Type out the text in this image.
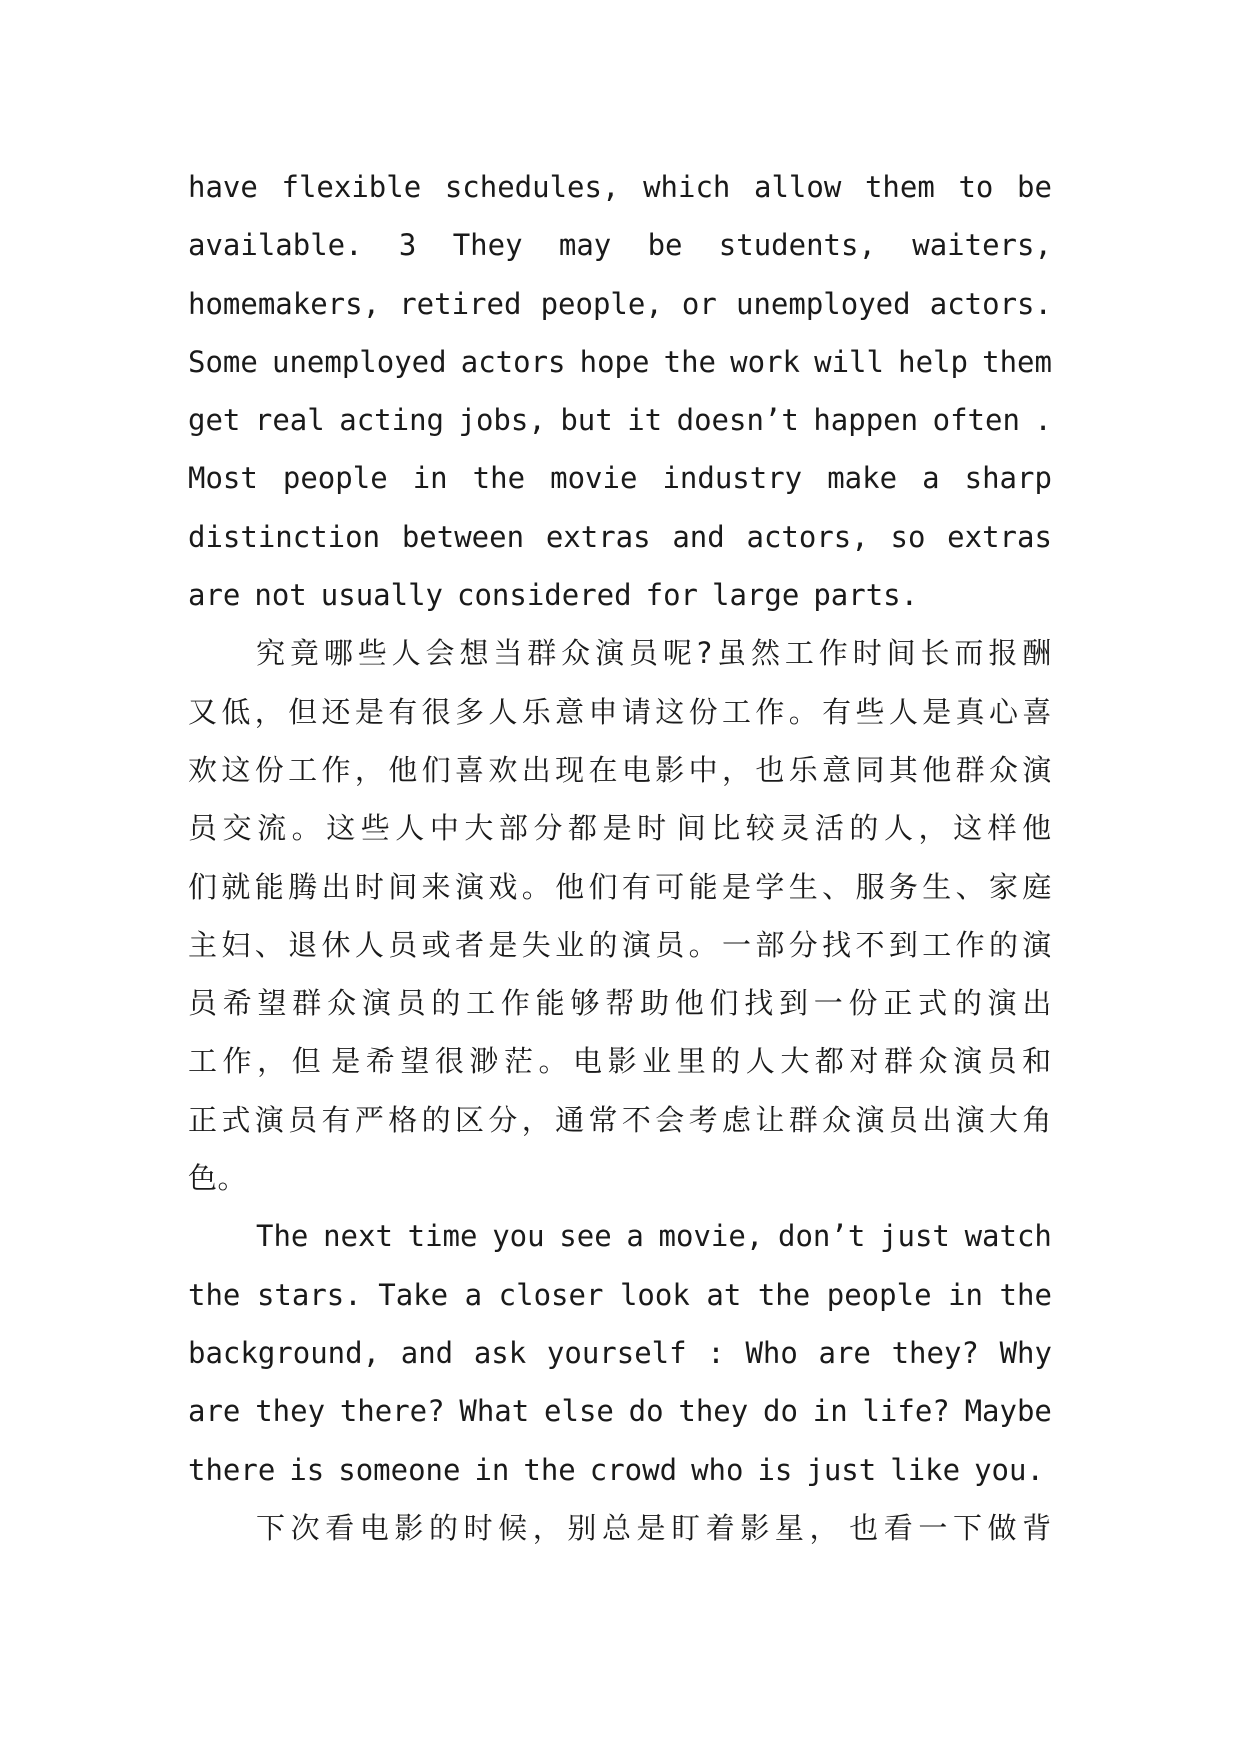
have flexible schedules, which allow them to be
available. 3 They may be students, waiters,
homemakers, retired people, or unemployed actors.
Some unemployed actors hope the work will help them
get real acting jobs, but it doesn’t happen often .
Most people in the movie industry make a sharp
distinction between extras and actors, so extras
are not usually considered for large parts.
究 竟 哪 些 人 会 想 当 群 众 演 员 呢 ? 虽 然 工 作 时 间 长 而 报 酬
又 低 ， 但 还 是 有 很 多 人 乐 意 申 请 这 份 工 作 。 有 些 人 是 真 心 喜
欢 这 份 工 作 ， 他 们 喜 欢 出 现 在 电 影 中 ， 也 乐 意 同 其 他 群 众 演
员 交 流 。 这 些 人 中 大 部 分 都 是 时 间 比 较 灵 活 的 人 ， 这 样 他
们 就 能 腾 出 时 间 来 演 戏 。 他 们 有 可 能 是 学 生 、 服 务 生 、 家 庭
主 妇 、 退 休 人 员 或 者 是 失 业 的 演 员 。 一 部 分 找 不 到 工 作 的 演
员 希 望 群 众 演 员 的 工 作 能 够 帮 助 他 们 找 到 一 份 正 式 的 演 出
工 作 ， 但 是 希 望 很 渺 茫 。 电 影 业 里 的 人 大 都 对 群 众 演 员 和
正 式 演 员 有 严 格 的 区 分 ， 通 常 不 会 考 虑 让 群 众 演 员 出 演 大 角
色。
The next time you see a movie, don’t just watch
the stars. Take a closer look at the people in the
background, and ask yourself : Who are they? Why
are they there? What else do they do in life? Maybe
there is someone in the crowd who is just like you.
下 次 看 电 影 的 时 候 ， 别 总 是 盯 着 影 星 ， 也 看 一 下 做 背
